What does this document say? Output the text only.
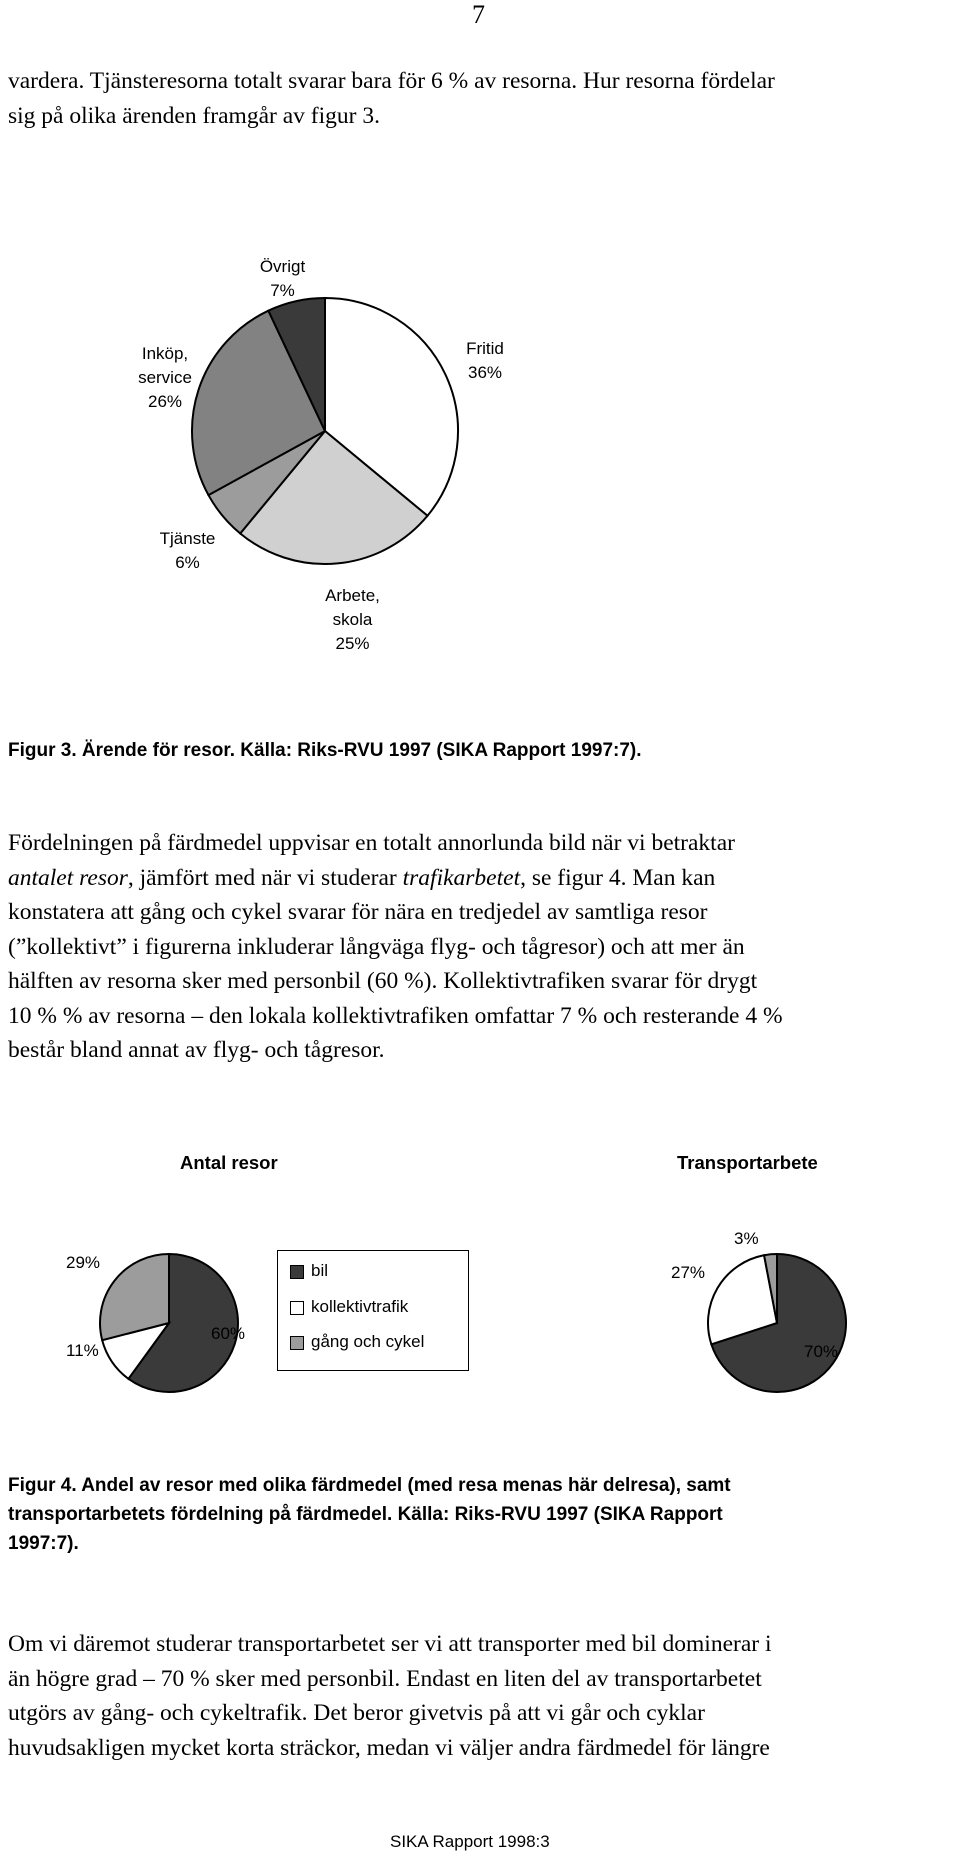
7
vardera. Tjänsteresorna totalt svarar bara för 6 % av resorna. Hur resorna fördelar
sig på olika ärenden framgår av figur 3.
Övrigt
7%
Fritid
36%
Inköp,
service
26%
Tjänste
6%
Arbete,
skola
25%
Figur 3. Ärende för resor. Källa: Riks-RVU 1997 (SIKA Rapport 1997:7).
Fördelningen på färdmedel uppvisar en totalt annorlunda bild när vi betraktar
antalet resor, jämfört med när vi studerar trafikarbetet, se figur 4. Man kan
konstatera att gång och cykel svarar för nära en tredjedel av samtliga resor
(”kollektivt” i figurerna inkluderar långväga flyg- och tågresor) och att mer än
hälften av resorna sker med personbil (60 %). Kollektivtrafiken svarar för drygt
10 % % av resorna – den lokala kollektivtrafiken omfattar 7 % och resterande 4 %
består bland annat av flyg- och tågresor.
Antal resor	Transportarbete
29%
11%
60%
3%
27%
70%
bil
kollektivtrafik
gång och cykel
Figur 4. Andel av resor med olika färdmedel (med resa menas här delresa), samt
transportarbetets fördelning på färdmedel. Källa: Riks-RVU 1997 (SIKA Rapport
1997:7).
Om vi däremot studerar transportarbetet ser vi att transporter med bil dominerar i
än högre grad – 70 % sker med personbil. Endast en liten del av transportarbetet
utgörs av gång- och cykeltrafik. Det beror givetvis på att vi går och cyklar
huvudsakligen mycket korta sträckor, medan vi väljer andra färdmedel för längre
SIKA Rapport 1998:3
